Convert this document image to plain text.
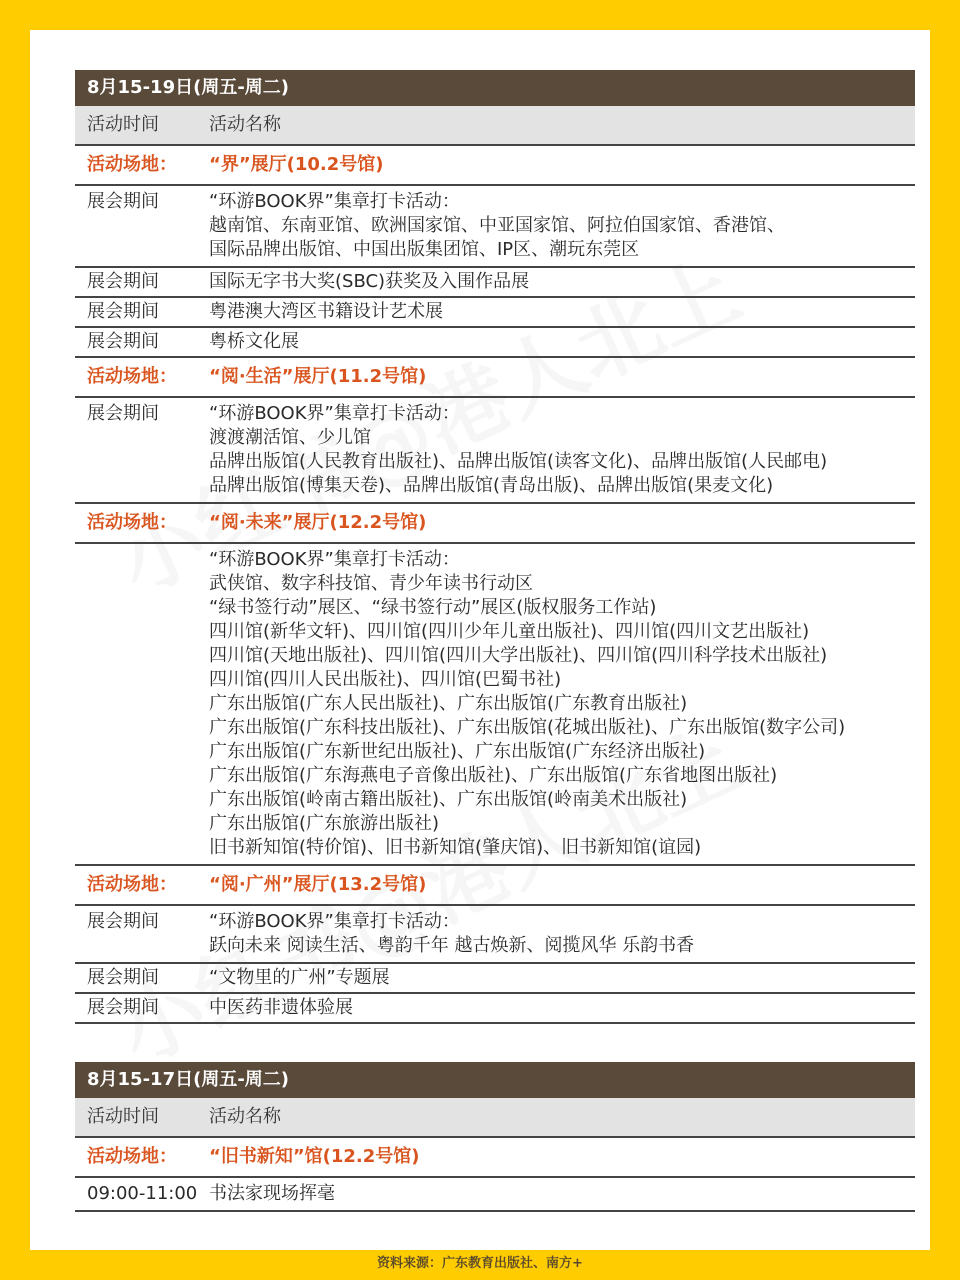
8月15-19日(周五-周二)
活动时间	活动名称
活动场地：	“界”展厅(10.2号馆)
展会期间	“环游BOOK界”集章打卡活动：
越南馆、东南亚馆、欧洲国家馆、中亚国家馆、阿拉伯国家馆、香港馆、
国际品牌出版馆、中国出版集团馆、IP区、潮玩东莞区
展会期间	国际无字书大奖(SBC)获奖及入围作品展
展会期间	粤港澳大湾区书籍设计艺术展
展会期间	粤桥文化展
活动场地：	“阅·生活”展厅(11.2号馆)
展会期间	“环游BOOK界”集章打卡活动：
渡渡潮活馆、少儿馆
品牌出版馆(人民教育出版社)、品牌出版馆(读客文化)、品牌出版馆(人民邮电)
品牌出版馆(博集天卷)、品牌出版馆(青岛出版)、品牌出版馆(果麦文化)
活动场地：	“阅·未来”展厅(12.2号馆)
“环游BOOK界”集章打卡活动：
武侠馆、数字科技馆、青少年读书行动区
“绿书签行动”展区、“绿书签行动”展区(版权服务工作站)
四川馆(新华文轩)、四川馆(四川少年儿童出版社)、四川馆(四川文艺出版社)
四川馆(天地出版社)、四川馆(四川大学出版社)、四川馆(四川科学技术出版社)
四川馆(四川人民出版社)、四川馆(巴蜀书社)
广东出版馆(广东人民出版社)、广东出版馆(广东教育出版社)
广东出版馆(广东科技出版社)、广东出版馆(花城出版社)、广东出版馆(数字公司)
广东出版馆(广东新世纪出版社)、广东出版馆(广东经济出版社)
广东出版馆(广东海燕电子音像出版社)、广东出版馆(广东省地图出版社)
广东出版馆(岭南古籍出版社)、广东出版馆(岭南美术出版社)
广东出版馆(广东旅游出版社)
旧书新知馆(特价馆)、旧书新知馆(肇庆馆)、旧书新知馆(谊园)
活动场地：	“阅·广州”展厅(13.2号馆)
展会期间	“环游BOOK界”集章打卡活动：
跃向未来 阅读生活、粤韵千年 越古焕新、阅揽风华 乐韵书香
展会期间	“文物里的广州”专题展
展会期间	中医药非遗体验展
8月15-17日(周五-周二)
活动时间	活动名称
活动场地：	“旧书新知”馆(12.2号馆)
09:00-11:00 书法家现场挥毫
资料来源：广东教育出版社、南方+
